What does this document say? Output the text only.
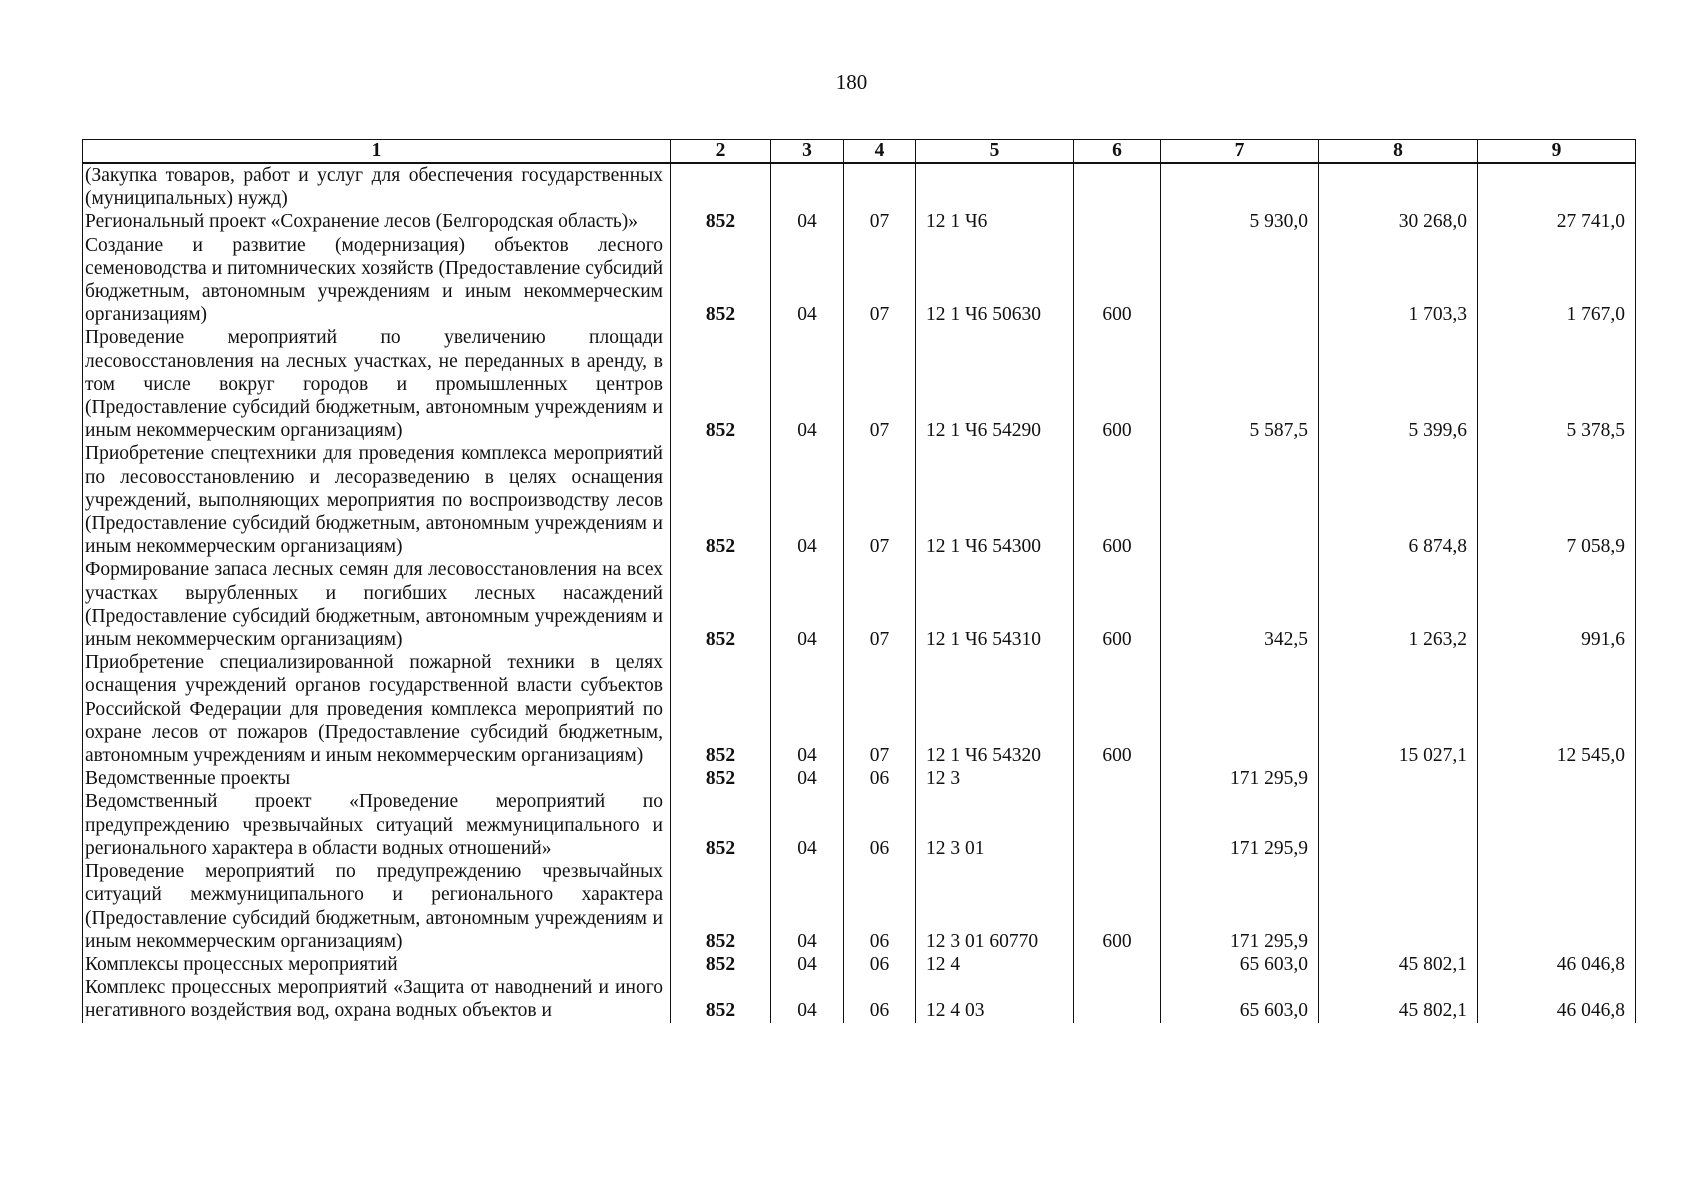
180
1	2	3	4	5	6	7	8	9
(Закупка товаров, работ и услуг для обеспечения государственных (муниципальных) нужд)								
Региональный проект «Сохранение лесов (Белгородская область)»	852	04	07	12 1 Ч6		5 930,0	30 268,0	27 741,0
Создание и развитие (модернизация) объектов лесного семеноводства и питомнических хозяйств (Предоставление субсидий бюджетным, автономным учреждениям и иным некоммерческим организациям)	852	04	07	12 1 Ч6 50630	600		1 703,3	1 767,0
Проведение мероприятий по увеличению площади лесовосстановления на лесных участках, не переданных в аренду, в том числе вокруг городов и промышленных центров (Предоставление субсидий бюджетным, автономным учреждениям и иным некоммерческим организациям)	852	04	07	12 1 Ч6 54290	600	5 587,5	5 399,6	5 378,5
Приобретение спецтехники для проведения комплекса мероприятий по лесовосстановлению и лесоразведению в целях оснащения учреждений, выполняющих мероприятия по воспроизводству лесов (Предоставление субсидий бюджетным, автономным учреждениям и иным некоммерческим организациям)	852	04	07	12 1 Ч6 54300	600		6 874,8	7 058,9
Формирование запаса лесных семян для лесовосстановления на всех участках вырубленных и погибших лесных насаждений (Предоставление субсидий бюджетным, автономным учреждениям и иным некоммерческим организациям)	852	04	07	12 1 Ч6 54310	600	342,5	1 263,2	991,6
Приобретение специализированной пожарной техники в целях оснащения учреждений органов государственной власти субъектов Российской Федерации для проведения комплекса мероприятий по охране лесов от пожаров (Предоставление субсидий бюджетным, автономным учреждениям и иным некоммерческим организациям)	852	04	07	12 1 Ч6 54320	600		15 027,1	12 545,0
Ведомственные проекты	852	04	06	12 3		171 295,9		
Ведомственный проект «Проведение мероприятий по предупреждению чрезвычайных ситуаций межмуниципального и регионального характера в области водных отношений»	852	04	06	12 3 01		171 295,9		
Проведение мероприятий по предупреждению чрезвычайных ситуаций межмуниципального и регионального характера (Предоставление субсидий бюджетным, автономным учреждениям и иным некоммерческим организациям)	852	04	06	12 3 01 60770	600	171 295,9		
Комплексы процессных мероприятий	852	04	06	12 4		65 603,0	45 802,1	46 046,8
Комплекс процессных мероприятий «Защита от наводнений и иного негативного воздействия вод, охрана водных объектов и	852	04	06	12 4 03		65 603,0	45 802,1	46 046,8
